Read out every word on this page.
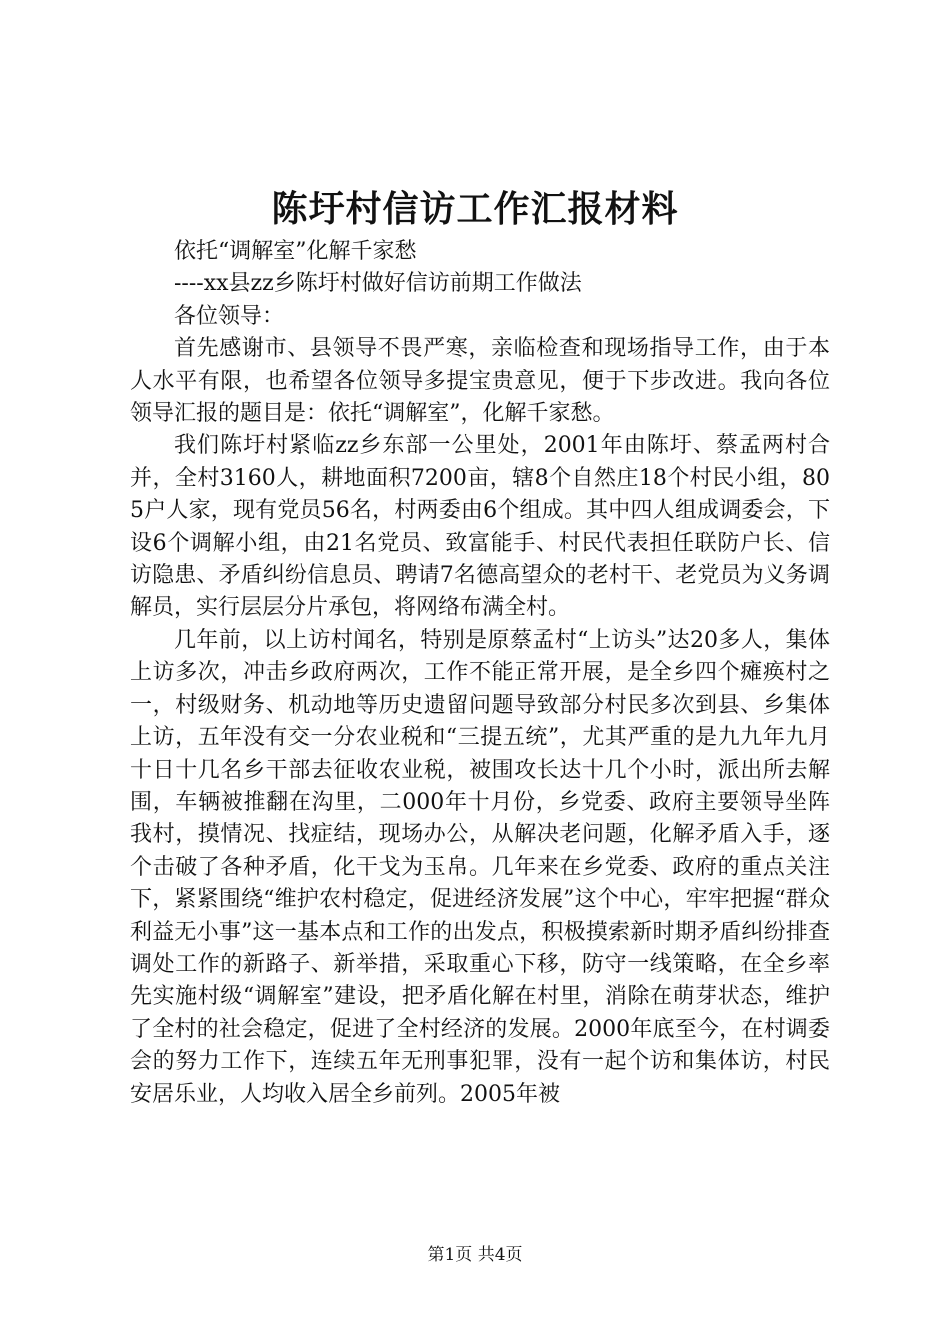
陈圩村信访工作汇报材料

依托“调解室”化解千家愁

----xx县zz乡陈圩村做好信访前期工作做法

各位领导：

首先感谢市、县领导不畏严寒，亲临检查和现场指导工作，由于本人水平有限，也希望各位领导多提宝贵意见，便于下步改进。我向各位领导汇报的题目是：依托“调解室”，化解千家愁。

我们陈圩村紧临zz乡东部一公里处，2001年由陈圩、蔡孟两村合并，全村3160人，耕地面积7200亩，辖8个自然庄18个村民小组，805户人家，现有党员56名，村两委由6个组成。其中四人组成调委会，下设6个调解小组，由21名党员、致富能手、村民代表担任联防户长、信访隐患、矛盾纠纷信息员、聘请7名德高望众的老村干、老党员为义务调解员，实行层层分片承包，将网络布满全村。

几年前，以上访村闻名，特别是原蔡孟村“上访头”达20多人，集体上访多次，冲击乡政府两次，工作不能正常开展，是全乡四个瘫痪村之一，村级财务、机动地等历史遗留问题导致部分村民多次到县、乡集体上访，五年没有交一分农业税和“三提五统”，尤其严重的是九九年九月十日十几名乡干部去征收农业税，被围攻长达十几个小时，派出所去解围，车辆被推翻在沟里，二000年十月份，乡党委、政府主要领导坐阵我村，摸情况、找症结，现场办公，从解决老问题，化解矛盾入手，逐个击破了各种矛盾，化干戈为玉帛。几年来在乡党委、政府的重点关注下，紧紧围绕“维护农村稳定，促进经济发展”这个中心，牢牢把握“群众利益无小事”这一基本点和工作的出发点，积极摸索新时期矛盾纠纷排查调处工作的新路子、新举措，采取重心下移，防守一线策略，在全乡率先实施村级“调解室”建设，把矛盾化解在村里，消除在萌芽状态，维护了全村的社会稳定，促进了全村经济的发展。2000年底至今，在村调委会的努力工作下，连续五年无刑事犯罪，没有一起个访和集体访，村民安居乐业，人均收入居全乡前列。2005年被

第1页 共4页
